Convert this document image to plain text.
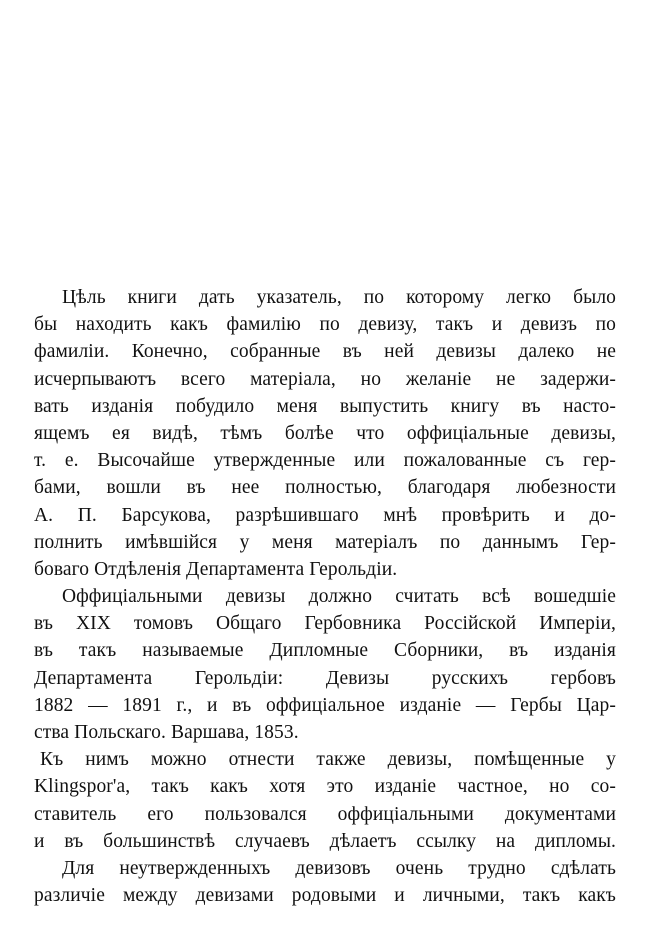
Цѣль книги дать указатель, по которому легко было
бы находить какъ фамилію по девизу, такъ и девизъ по
фамиліи. Конечно, собранные въ ней девизы далеко не
исчерпываютъ всего матеріала, но желаніе не задержи-
вать изданія побудило меня выпустить книгу въ насто-
ящемъ ея видѣ, тѣмъ болѣе что оффиціальные девизы,
т. е. Высочайше утвержденные или пожалованные съ гер-
бами, вошли въ нее полностью, благодаря любезности
А. П. Барсукова, разрѣшившаго мнѣ провѣрить и до-
полнить имѣвшійся у меня матеріалъ по даннымъ Гер-
боваго Отдѣленія Департамента Герольдіи.
Оффиціальными девизы должно считать всѣ вошедшіе
въ XIX томовъ Общаго Гербовника Россійской Имперіи,
въ такъ называемые Дипломные Сборники, въ изданія
Департамента Герольдіи: Девизы русскихъ гербовъ
1882 — 1891 г., и въ оффиціальное изданіе — Гербы Цар-
ства Польскаго. Варшава, 1853.
Къ нимъ можно отнести также девизы, помѣщенные у
Klingspor'а, такъ какъ хотя это изданіе частное, но со-
ставитель его пользовался оффиціальными документами
и въ большинствѣ случаевъ дѣлаетъ ссылку на дипломы.
Для неутвержденныхъ девизовъ очень трудно сдѣлать
различіе между девизами родовыми и личными, такъ какъ
